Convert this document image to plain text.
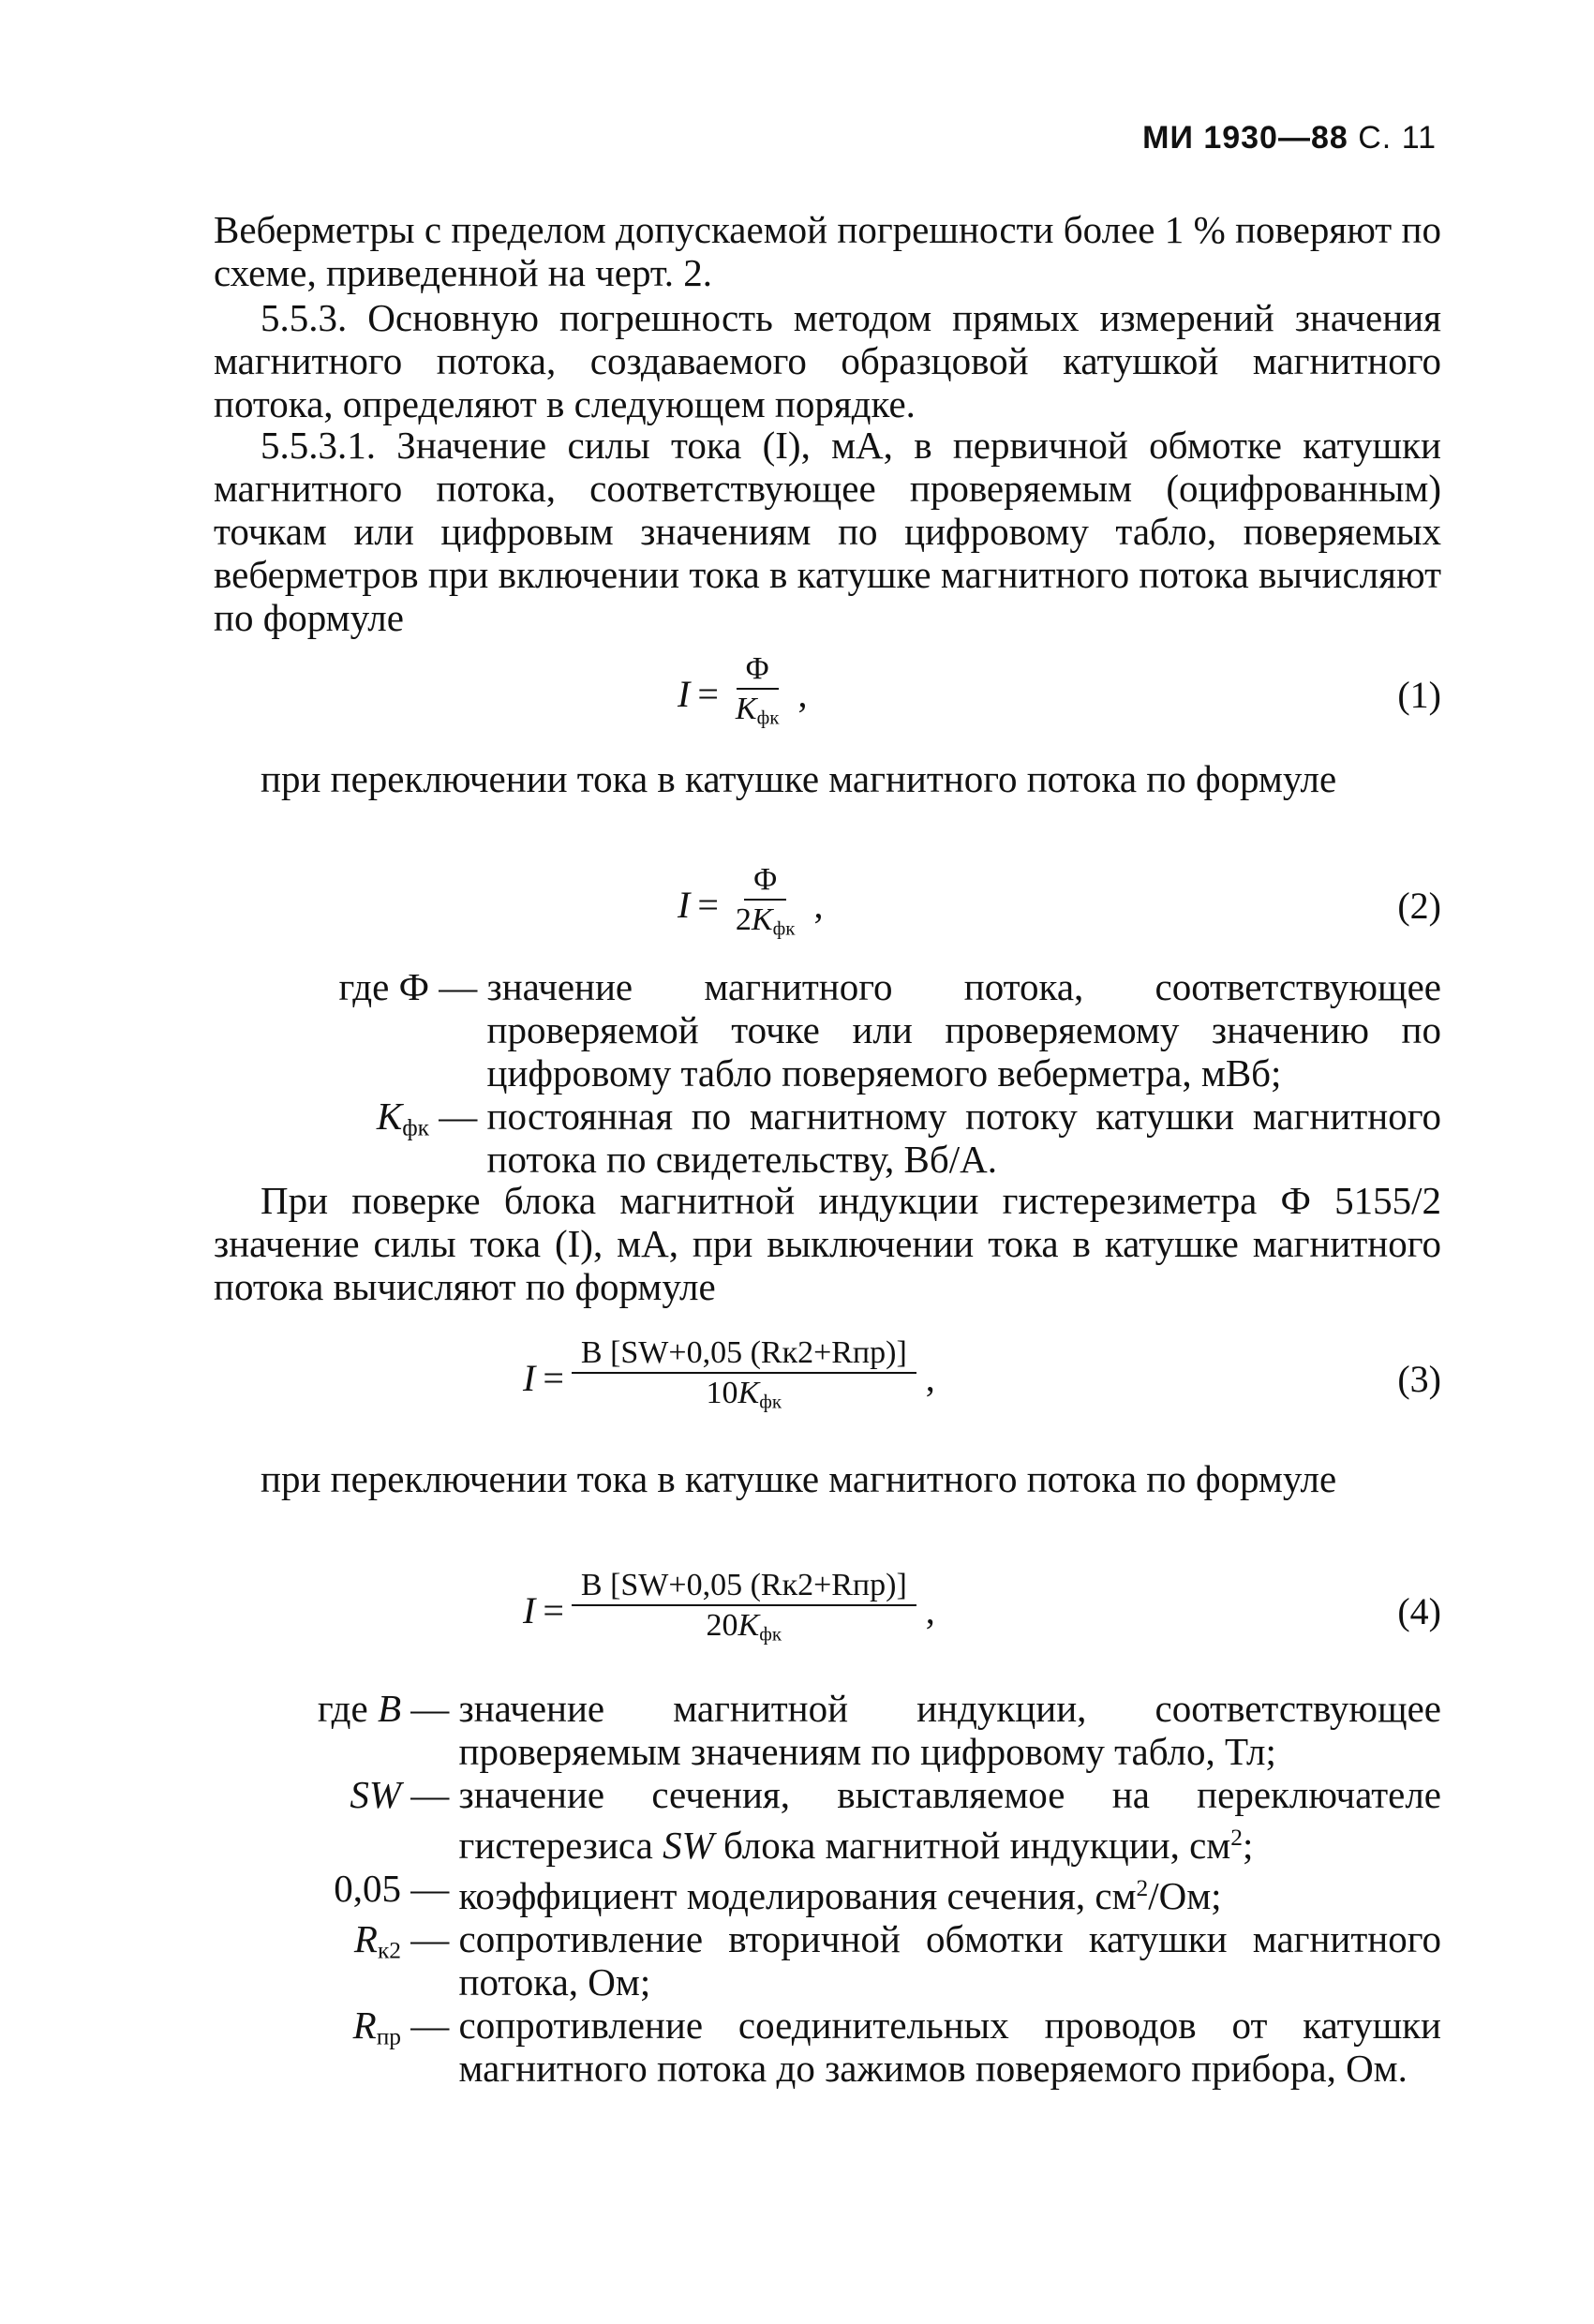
МИ 1930—88 С. 11

Веберметры с пределом допускаемой погрешности более 1 % поверяют по схеме, приведенной на черт. 2.

5.5.3. Основную погрешность методом прямых измерений значения магнитного потока, создаваемого образцовой катушкой магнитного потока, определяют в следующем порядке.

5.5.3.1. Значение силы тока (I), мА, в первичной обмотке катушки магнитного потока, соответствующее проверяемым (оцифрованным) точкам или цифровым значениям по цифровому табло, поверяемых веберметров при включении тока в катушке магнитного потока вычисляют по формуле

$I = \frac{\Phi}{K_{фк}}$ ,	(1)

при переключении тока в катушке магнитного потока по формуле

$I = \frac{\Phi}{2K_{фк}}$ ,	(2)
где Ф — значение магнитного потока, соответствующее проверяемой точке или проверяемому значению по цифровому табло поверяемого веберметра, мВб;
$K_{фк}$ — постоянная по магнитному потоку катушки магнитного потока по свидетельству, Вб/А.

При поверке блока магнитной индукции гистерезиметра Ф 5155/2 значение силы тока (I), мА, при выключении тока в катушке магнитного потока вычисляют по формуле

$I = \frac{\text{B [SW+0,05 (Rк2+Rпр)]}}{10K_{фк}}$ ,	(3)

при переключении тока в катушке магнитного потока по формуле

$I = \frac{\text{B [SW+0,05 (Rк2+Rпр)]}}{20K_{фк}}$ ,	(4)
где B — значение магнитной индукции, соответствующее проверяемым значениям по цифровому табло, Тл;
SW — значение сечения, выставляемое на переключателе гистерезиса SW блока магнитной индукции, $см^2$;
0,05 — коэффициент моделирования сечения, $см^2/Ом$;
$R_{к2}$ — сопротивление вторичной обмотки катушки магнитного потока, Ом;
$R_{пр}$ — сопротивление соединительных проводов от катушки магнитного потока до зажимов поверяемого прибора, Ом.
